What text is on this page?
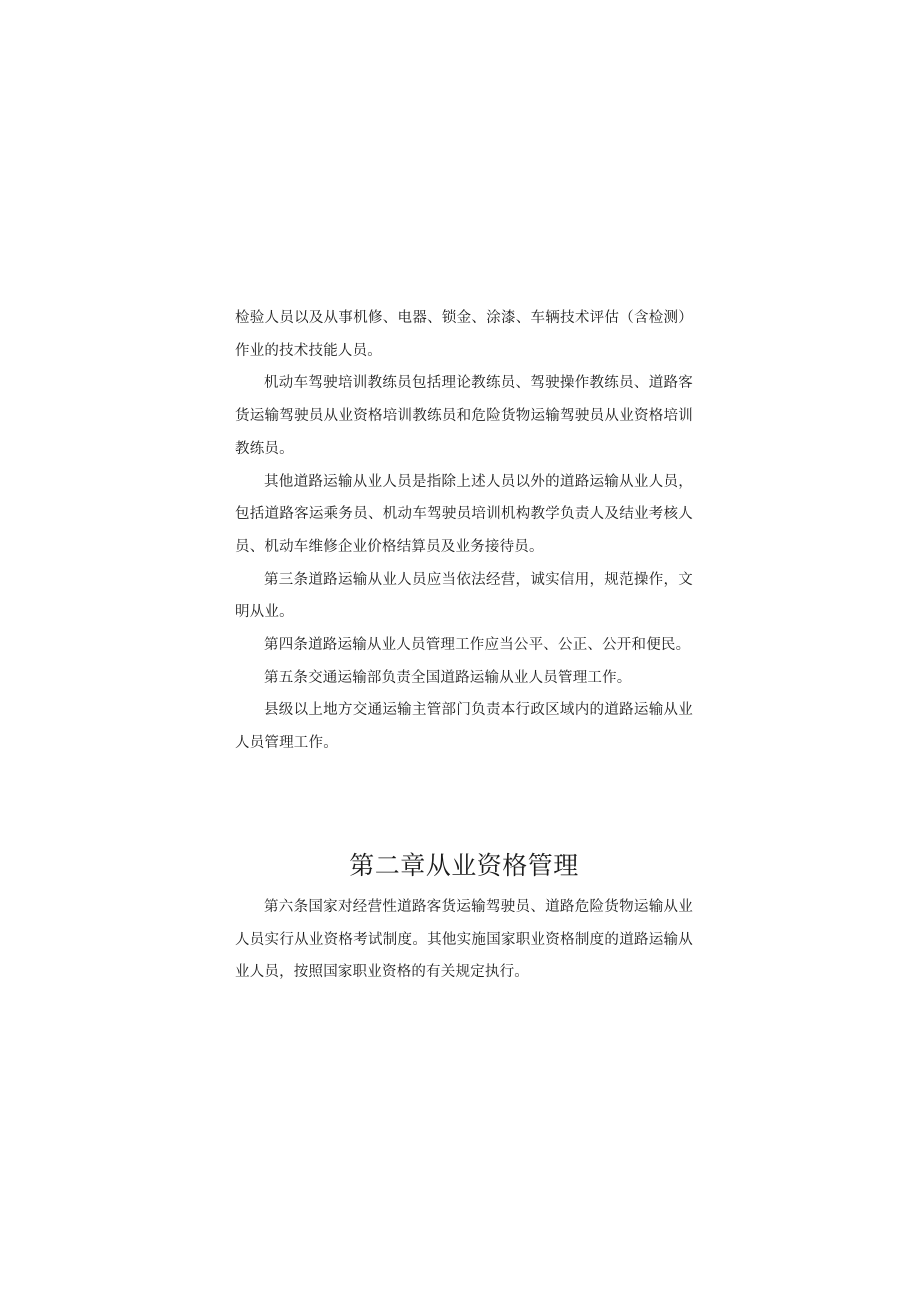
检验人员以及从事机修、电器、锁金、涂漆、车辆技术评估（含检测）作业的技术技能人员。

机动车驾驶培训教练员包括理论教练员、驾驶操作教练员、道路客货运输驾驶员从业资格培训教练员和危险货物运输驾驶员从业资格培训教练员。

其他道路运输从业人员是指除上述人员以外的道路运输从业人员，包括道路客运乘务员、机动车驾驶员培训机构教学负责人及结业考核人员、机动车维修企业价格结算员及业务接待员。

第三条道路运输从业人员应当依法经营，诚实信用，规范操作，文明从业。

第四条道路运输从业人员管理工作应当公平、公正、公开和便民。

第五条交通运输部负责全国道路运输从业人员管理工作。

县级以上地方交通运输主管部门负责本行政区域内的道路运输从业人员管理工作。

第二章从业资格管理

第六条国家对经营性道路客货运输驾驶员、道路危险货物运输从业人员实行从业资格考试制度。其他实施国家职业资格制度的道路运输从业人员，按照国家职业资格的有关规定执行。
